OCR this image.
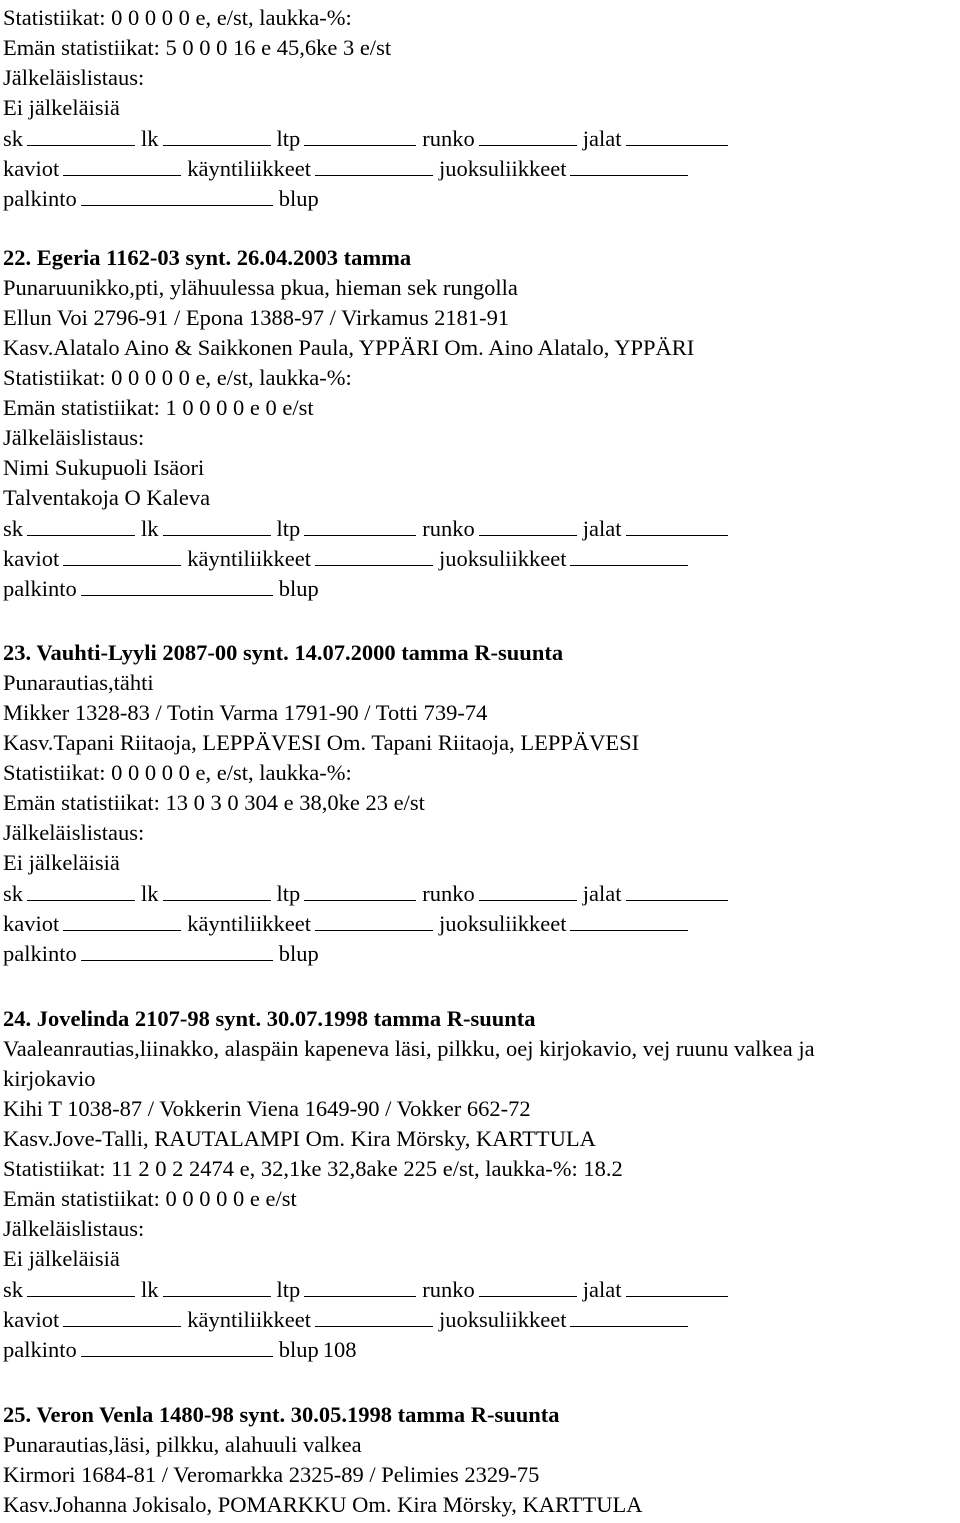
Statistiikat: 0 0 0 0 0 e, e/st, laukka-%:
Emän statistiikat: 5 0 0 0 16 e 45,6ke 3 e/st
Jälkeläislistaus:
Ei jälkeläisiä
sk	lk	ltp	runko	jalat
kaviot	käyntiliikkeet	juoksuliikkeet
palkinto	blup
22. Egeria 1162-03 synt. 26.04.2003 tamma
Punaruunikko,pti, ylähuulessa pkua, hieman sek rungolla
Ellun Voi 2796-91 / Epona 1388-97 / Virkamus 2181-91
Kasv.Alatalo Aino & Saikkonen Paula, YPPÄRI Om. Aino Alatalo, YPPÄRI
Statistiikat: 0 0 0 0 0 e, e/st, laukka-%:
Emän statistiikat: 1 0 0 0 0 e 0 e/st
Jälkeläislistaus:
Nimi Sukupuoli Isäori
Talventakoja O Kaleva
sk	lk	ltp	runko	jalat
kaviot	käyntiliikkeet	juoksuliikkeet
palkinto	blup
23. Vauhti-Lyyli 2087-00 synt. 14.07.2000 tamma R-suunta
Punarautias,tähti
Mikker 1328-83 / Totin Varma 1791-90 / Totti 739-74
Kasv.Tapani Riitaoja, LEPPÄVESI Om. Tapani Riitaoja, LEPPÄVESI
Statistiikat: 0 0 0 0 0 e, e/st, laukka-%:
Emän statistiikat: 13 0 3 0 304 e 38,0ke 23 e/st
Jälkeläislistaus:
Ei jälkeläisiä
sk	lk	ltp	runko	jalat
kaviot	käyntiliikkeet	juoksuliikkeet
palkinto	blup
24. Jovelinda 2107-98 synt. 30.07.1998 tamma R-suunta
Vaaleanrautias,liinakko, alaspäin kapeneva läsi, pilkku, oej kirjokavio, vej ruunu valkea ja
kirjokavio
Kihi T 1038-87 / Vokkerin Viena 1649-90 / Vokker 662-72
Kasv.Jove-Talli, RAUTALAMPI Om. Kira Mörsky, KARTTULA
Statistiikat: 11 2 0 2 2474 e, 32,1ke 32,8ake 225 e/st, laukka-%: 18.2
Emän statistiikat: 0 0 0 0 0 e e/st
Jälkeläislistaus:
Ei jälkeläisiä
sk	lk	ltp	runko	jalat
kaviot	käyntiliikkeet	juoksuliikkeet
palkinto	blup 108
25. Veron Venla 1480-98 synt. 30.05.1998 tamma R-suunta
Punarautias,läsi, pilkku, alahuuli valkea
Kirmori 1684-81 / Veromarkka 2325-89 / Pelimies 2329-75
Kasv.Johanna Jokisalo, POMARKKU Om. Kira Mörsky, KARTTULA
